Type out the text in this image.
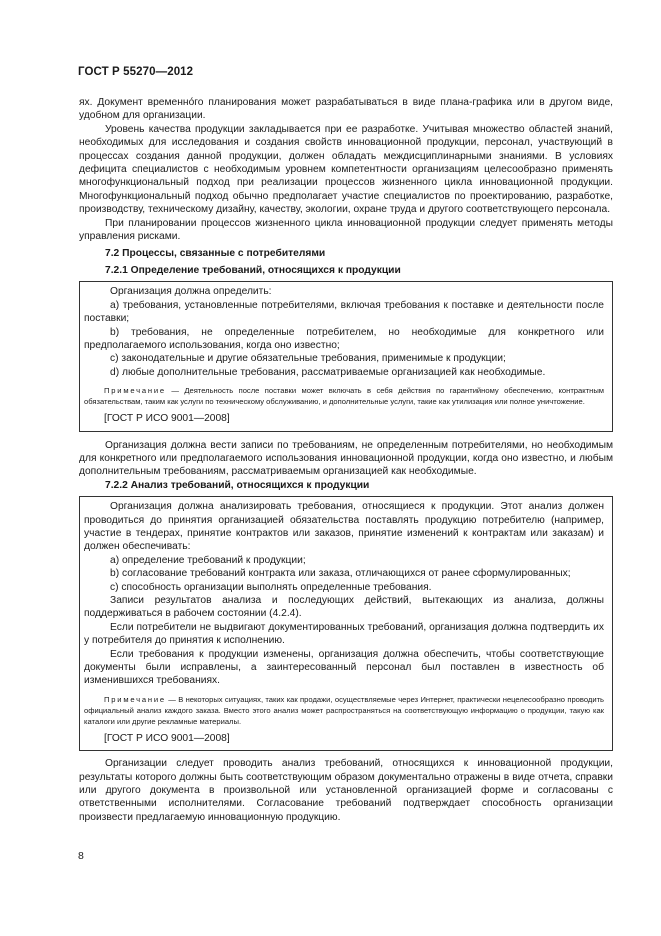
ГОСТ Р 55270—2012

ях. Документ временно́го планирования может разрабатываться в виде плана-графика или в другом виде, удобном для организации.

Уровень качества продукции закладывается при ее разработке. Учитывая множество областей знаний, необходимых для исследования и создания свойств инновационной продукции, персонал, участвующий в процессах создания данной продукции, должен обладать междисциплинарными знаниями. В условиях дефицита специалистов с необходимым уровнем компетентности организациям целесообразно применять многофункциональный подход при реализации процессов жизненного цикла инновационной продукции. Многофункциональный подход обычно предполагает участие специалистов по проектированию, разработке, производству, техническому дизайну, качеству, экологии, охране труда и другого соответствующего персонала.

При планировании процессов жизненного цикла инновационной продукции следует применять методы управления рисками.

7.2 Процессы, связанные с потребителями

7.2.1 Определение требований, относящихся к продукции

Организация должна определить:

а) требования, установленные потребителями, включая требования к поставке и деятельности после поставки;

b) требования, не определенные потребителем, но необходимые для конкретного или предполагаемого использования, когда оно известно;

c) законодательные и другие обязательные требования, применимые к продукции;

d) любые дополнительные требования, рассматриваемые организацией как необходимые.

Примечание — Деятельность после поставки может включать в себя действия по гарантийному обеспечению, контрактным обязательствам, таким как услуги по техническому обслуживанию, и дополнительные услуги, такие как утилизация или полное уничтожение.

[ГОСТ Р ИСО 9001—2008]

Организация должна вести записи по требованиям, не определенным потребителями, но необходимым для конкретного или предполагаемого использования инновационной продукции, когда оно известно, и любым дополнительным требованиям, рассматриваемым организацией как необходимые.

7.2.2 Анализ требований, относящихся к продукции

Организация должна анализировать требования, относящиеся к продукции. Этот анализ должен проводиться до принятия организацией обязательства поставлять продукцию потребителю (например, участие в тендерах, принятие контрактов или заказов, принятие изменений к контрактам или заказам) и должен обеспечивать:

а) определение требований к продукции;

b) согласование требований контракта или заказа, отличающихся от ранее сформулированных;

c) способность организации выполнять определенные требования.

Записи результатов анализа и последующих действий, вытекающих из анализа, должны поддерживаться в рабочем состоянии (4.2.4).

Если потребители не выдвигают документированных требований, организация должна подтвердить их у потребителя до принятия к исполнению.

Если требования к продукции изменены, организация должна обеспечить, чтобы соответствующие документы были исправлены, а заинтересованный персонал был поставлен в известность об изменившихся требованиях.

Примечание — В некоторых ситуациях, таких как продажи, осуществляемые через Интернет, практически нецелесообразно проводить официальный анализ каждого заказа. Вместо этого анализ может распространяться на соответствующую информацию о продукции, такую как каталоги или другие рекламные материалы.

[ГОСТ Р ИСО 9001—2008]

Организации следует проводить анализ требований, относящихся к инновационной продукции, результаты которого должны быть соответствующим образом документально отражены в виде отчета, справки или другого документа в произвольной или установленной организацией форме и согласованы с ответственными исполнителями. Согласование требований подтверждает способность организации произвести предлагаемую инновационную продукцию.

8
